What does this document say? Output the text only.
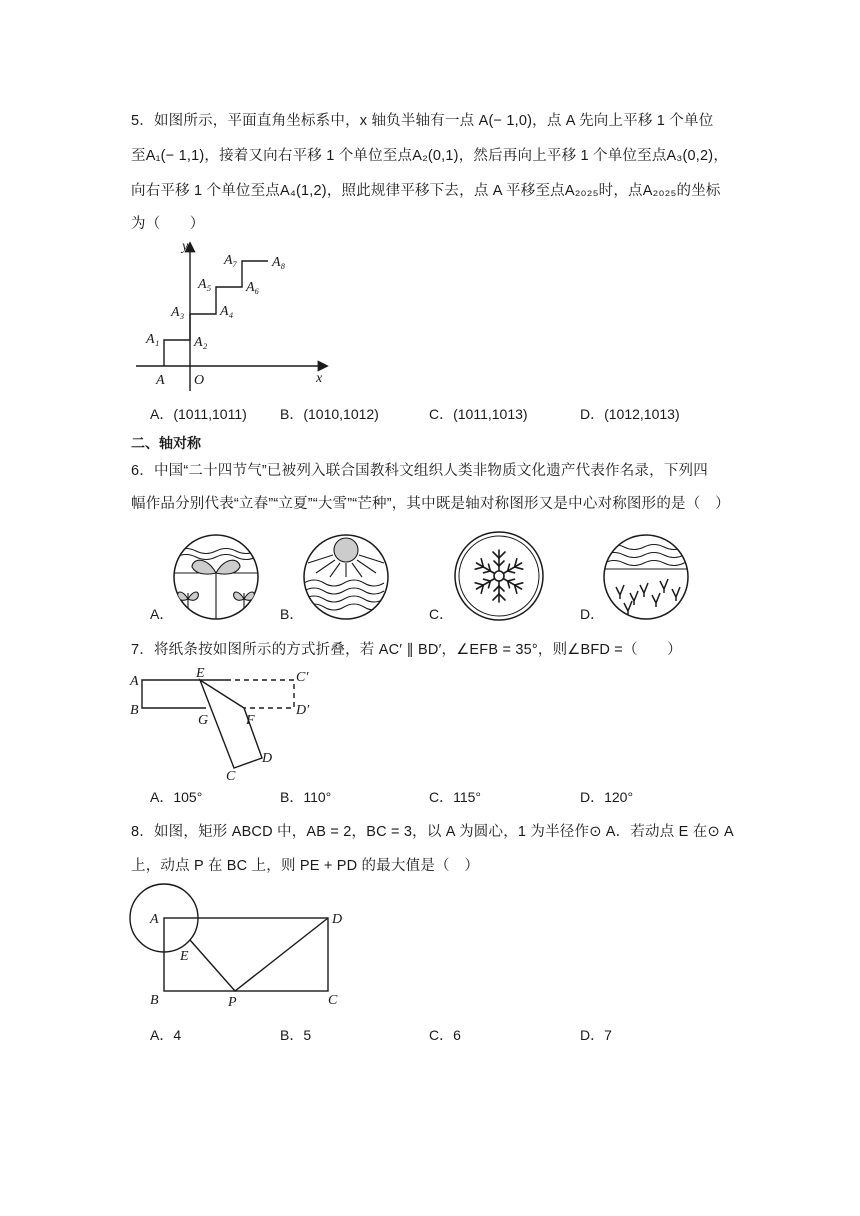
5．如图所示，平面直角坐标系中，x 轴负半轴有一点 A(− 1,0)，点 A 先向上平移 1 个单位
至A₁(− 1,1)，接着又向右平移 1 个单位至点A₂(0,1)，然后再向上平移 1 个单位至点A₃(0,2)，
向右平移 1 个单位至点A₄(1,2)，照此规律平移下去，点 A 平移至点A₂₀₂₅时，点A₂₀₂₅的坐标
为（　　）
y
x
O
A
A₁ A₂
A₃	A₄
A₅ A₆
A₇ A₈
A．(1011,1011) B．(1010,1012)	C．(1011,1013)	D．(1012,1013)
二、轴对称
6．中国“二十四节气”已被列入联合国教科文组织人类非物质文化遗产代表作名录，下列四
幅作品分别代表“立春”“立夏”“大雪”“芒种”，其中既是轴对称图形又是中心对称图形的是（　）
A．	B．	C．	D．
7．将纸条按如图所示的方式折叠，若 AC′ ∥ BD′，∠EFB = 35°，则∠BFD =（　　）
A
B
E
G	F
C′
D′
D
C
A．105°	B．110°	C．115°	D．120°
8．如图，矩形 ABCD 中，AB = 2，BC = 3，以 A 为圆心，1 为半径作⊙ A．若动点 E 在⊙ A
上，动点 P 在 BC 上，则 PE + PD 的最大值是（　）
A	D
E
B	P	C
A．4	B．5	C．6	D．7
